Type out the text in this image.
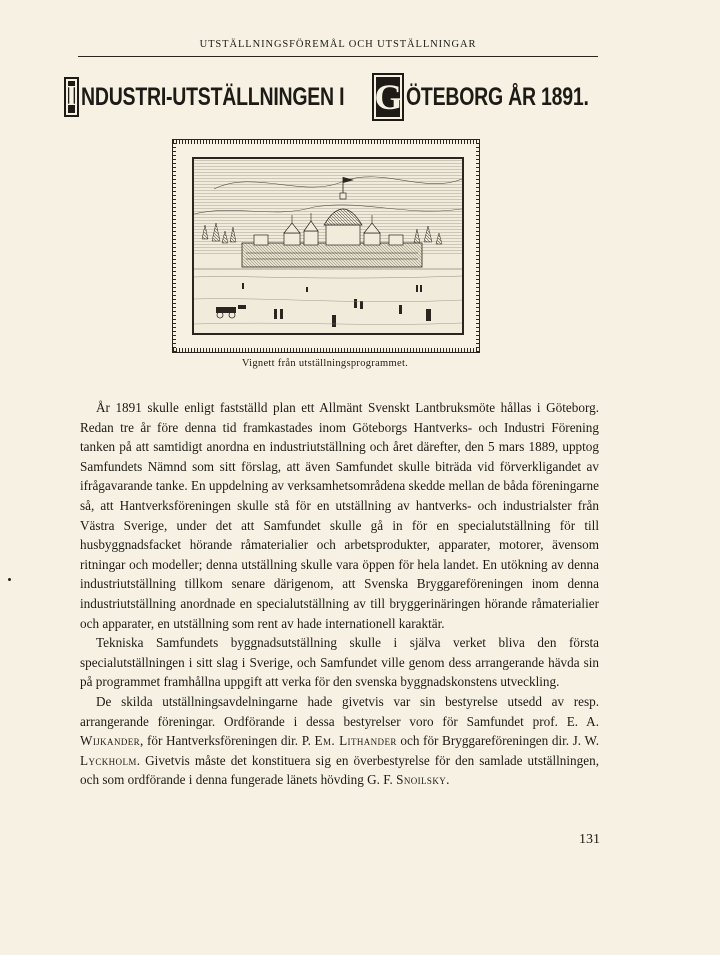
UTSTÄLLNINGSFÖREMÅL OCH UTSTÄLLNINGAR
I NDUSTRI-UTSTÄLLNINGEN I G ÖTEBORG ÅR 1891.
Vignett från utställningsprogrammet.

År 1891 skulle enligt fastställd plan ett Allmänt Svenskt Lantbruksmöte hållas i Göteborg. Redan tre år före denna tid framkastades inom Göteborgs Hantverks- och Industri Förening tanken på att samtidigt anordna en industriutställning och året därefter, den 5 mars 1889, upptog Samfundets Nämnd som sitt förslag, att även Samfundet skulle biträda vid förverkligandet av ifrågavarande tanke. En uppdelning av verksamhetsområdena skedde mellan de båda föreningarne så, att Hantverksföreningen skulle stå för en utställning av hantverks- och industrialster från Västra Sverige, under det att Samfundet skulle gå in för en specialutställning för till husbyggnadsfacket hörande råmaterialier och arbetsprodukter, apparater, motorer, ävensom ritningar och modeller; denna utställning skulle vara öppen för hela landet. En utökning av denna industriutställning tillkom senare därigenom, att Svenska Bryggareföreningen inom denna industriutställning anordnade en specialutställning av till bryggerinäringen hörande råmaterialier och apparater, en utställning som rent av hade internationell karaktär.

Tekniska Samfundets byggnadsutställning skulle i själva verket bliva den första specialutställningen i sitt slag i Sverige, och Samfundet ville genom dess arrangerande hävda sin på programmet framhållna uppgift att verka för den svenska byggnadskonstens utveckling.

De skilda utställningsavdelningarne hade givetvis var sin bestyrelse utsedd av resp. arrangerande föreningar. Ordförande i dessa bestyrelser voro för Samfundet prof. E. A. Wijkander, för Hantverksföreningen dir. P. Em. Lithander och för Bryggareföreningen dir. J. W. Lyckholm. Givetvis måste det konstituera sig en överbestyrelse för den samlade utställningen, och som ordförande i denna fungerade länets hövding G. F. Snoilsky.

131
